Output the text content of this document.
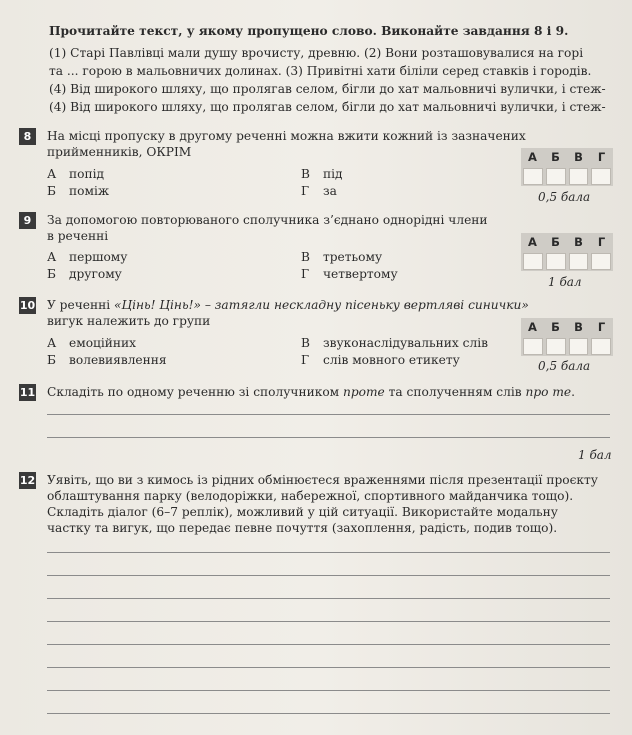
Прочитайте текст, у якому пропущено слово. Виконайте завдання 8 і 9.
(1) Старі Павлівці мали душу врочисту, древню. (2) Вони розташовувалися на горі
та ... горою в мальовничих долинах. (3) Привітні хати біліли серед ставків і городів.
(4) Від широкого шляху, що пролягав селом, бігли до хат мальовничі вулички, і стеж-
(4) Від широкого шляху, що пролягав селом, бігли до хат мальовничі вулички, і стеж-
8	На місці пропуску в другому реченні можна вжити кожний із зазначених
прийменників, ОКРІМ
А попід
Б поміж
В під
Г за
А	Б	В	Г
0,5 бала
9	За допомогою повторюваного сполучника з’єднано однорідні члени
в реченні
А першому
Б другому
В третьому
Г четвертому
А	Б	В	Г
1 бал
10 У реченні «Цінь! Цінь!» – затягли нескладну пісеньку вертляві синички»
вигук належить до групи
А емоційних
Б волевиявлення
В звуконаслідувальних слів
Г слів мовного етикету
А	Б	В	Г
0,5 бала
11 Складіть по одному реченню зі сполучником проте та сполученням слів про те.
1 бал
12 Уявіть, що ви з кимось із рідних обмінюєтеся враженнями після презентації проєкту
облаштування парку (велодоріжки, набережної, спортивного майданчика тощо).
Складіть діалог (6–7 реплік), можливий у цій ситуації. Використайте модальну
частку та вигук, що передає певне почуття (захоплення, радість, подив тощо).
